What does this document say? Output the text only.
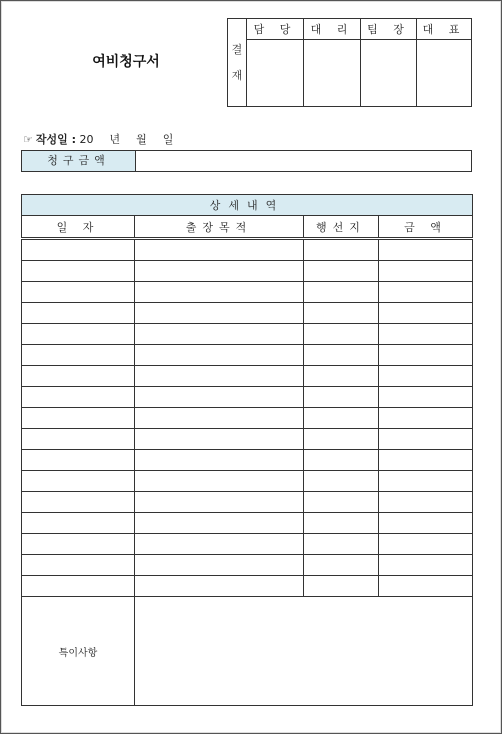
여비청구서
결
재	담 당	대 리	팀 장	대 표

☞ 작성일 : 20 년 월 일
청구금액
상세내역			
일 자	출장목적	행선지	금 액

특이사항			
